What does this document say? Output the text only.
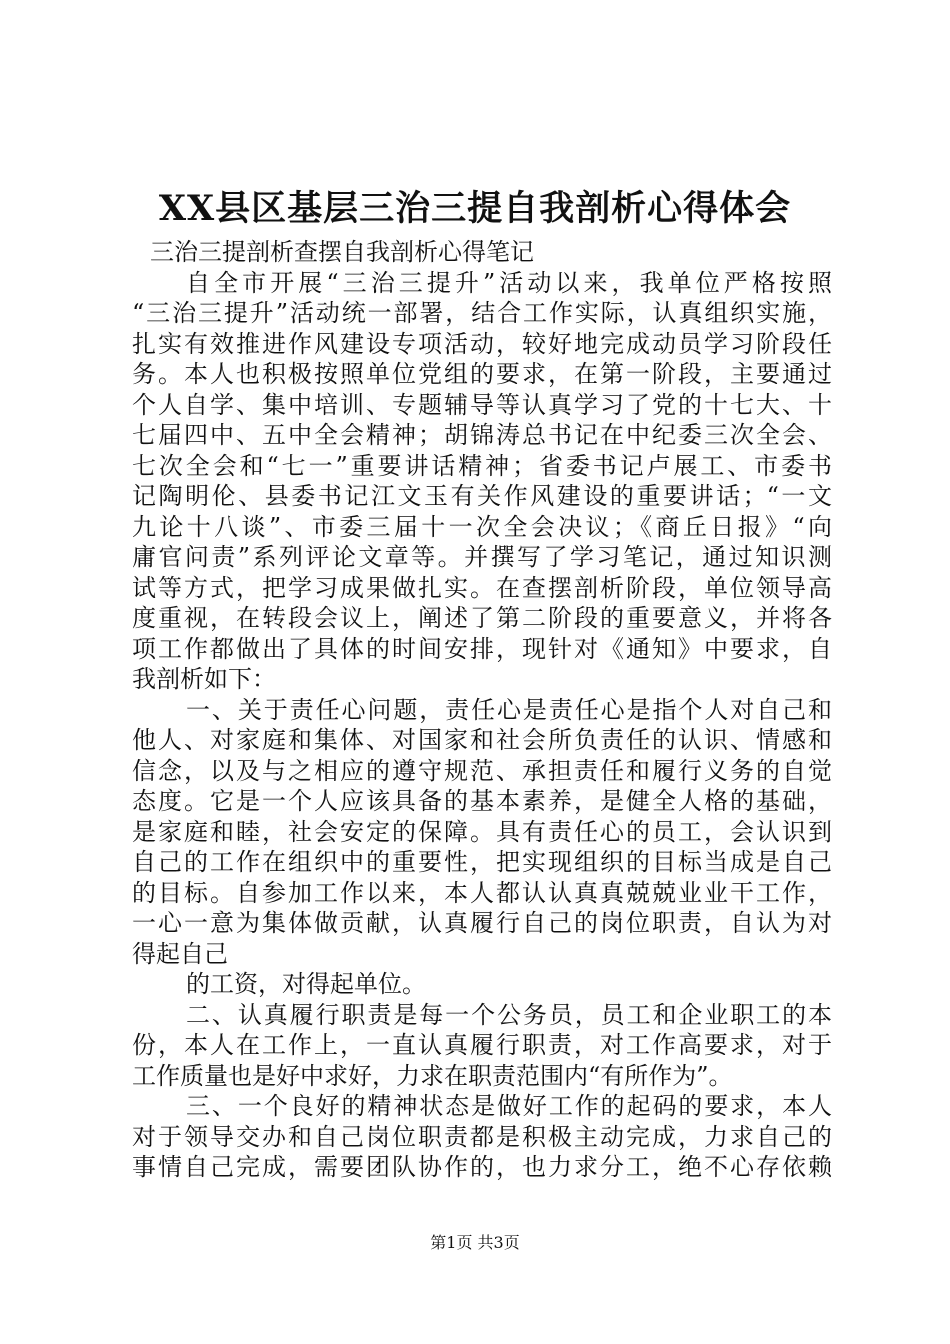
XX县区基层三治三提自我剖析心得体会
三治三提剖析查摆自我剖析心得笔记
自全市开展“三治三提升”活动以来，我单位严格按照
“三治三提升”活动统一部署，结合工作实际，认真组织实施，
扎实有效推进作风建设专项活动，较好地完成动员学习阶段任
务。本人也积极按照单位党组的要求，在第一阶段，主要通过
个人自学、集中培训、专题辅导等认真学习了党的十七大、十
七届四中、五中全会精神；胡锦涛总书记在中纪委三次全会、
七次全会和“七一”重要讲话精神；省委书记卢展工、市委书
记陶明伦、县委书记江文玉有关作风建设的重要讲话；“一文
九论十八谈”、市委三届十一次全会决议；《商丘日报》“向
庸官问责”系列评论文章等。并撰写了学习笔记，通过知识测
试等方式，把学习成果做扎实。在查摆剖析阶段，单位领导高
度重视，在转段会议上，阐述了第二阶段的重要意义，并将各
项工作都做出了具体的时间安排，现针对《通知》中要求，自
我剖析如下：
一、关于责任心问题，责任心是责任心是指个人对自己和
他人、对家庭和集体、对国家和社会所负责任的认识、情感和
信念，以及与之相应的遵守规范、承担责任和履行义务的自觉
态度。它是一个人应该具备的基本素养，是健全人格的基础，
是家庭和睦，社会安定的保障。具有责任心的员工，会认识到
自己的工作在组织中的重要性，把实现组织的目标当成是自己
的目标。自参加工作以来，本人都认认真真兢兢业业干工作，
一心一意为集体做贡献，认真履行自己的岗位职责，自认为对
得起自己
的工资，对得起单位。
二、认真履行职责是每一个公务员，员工和企业职工的本
份，本人在工作上，一直认真履行职责，对工作高要求，对于
工作质量也是好中求好，力求在职责范围内“有所作为”。
三、一个良好的精神状态是做好工作的起码的要求，本人
对于领导交办和自己岗位职责都是积极主动完成，力求自己的
事情自己完成，需要团队协作的，也力求分工，绝不心存依赖
第1页 共3页
